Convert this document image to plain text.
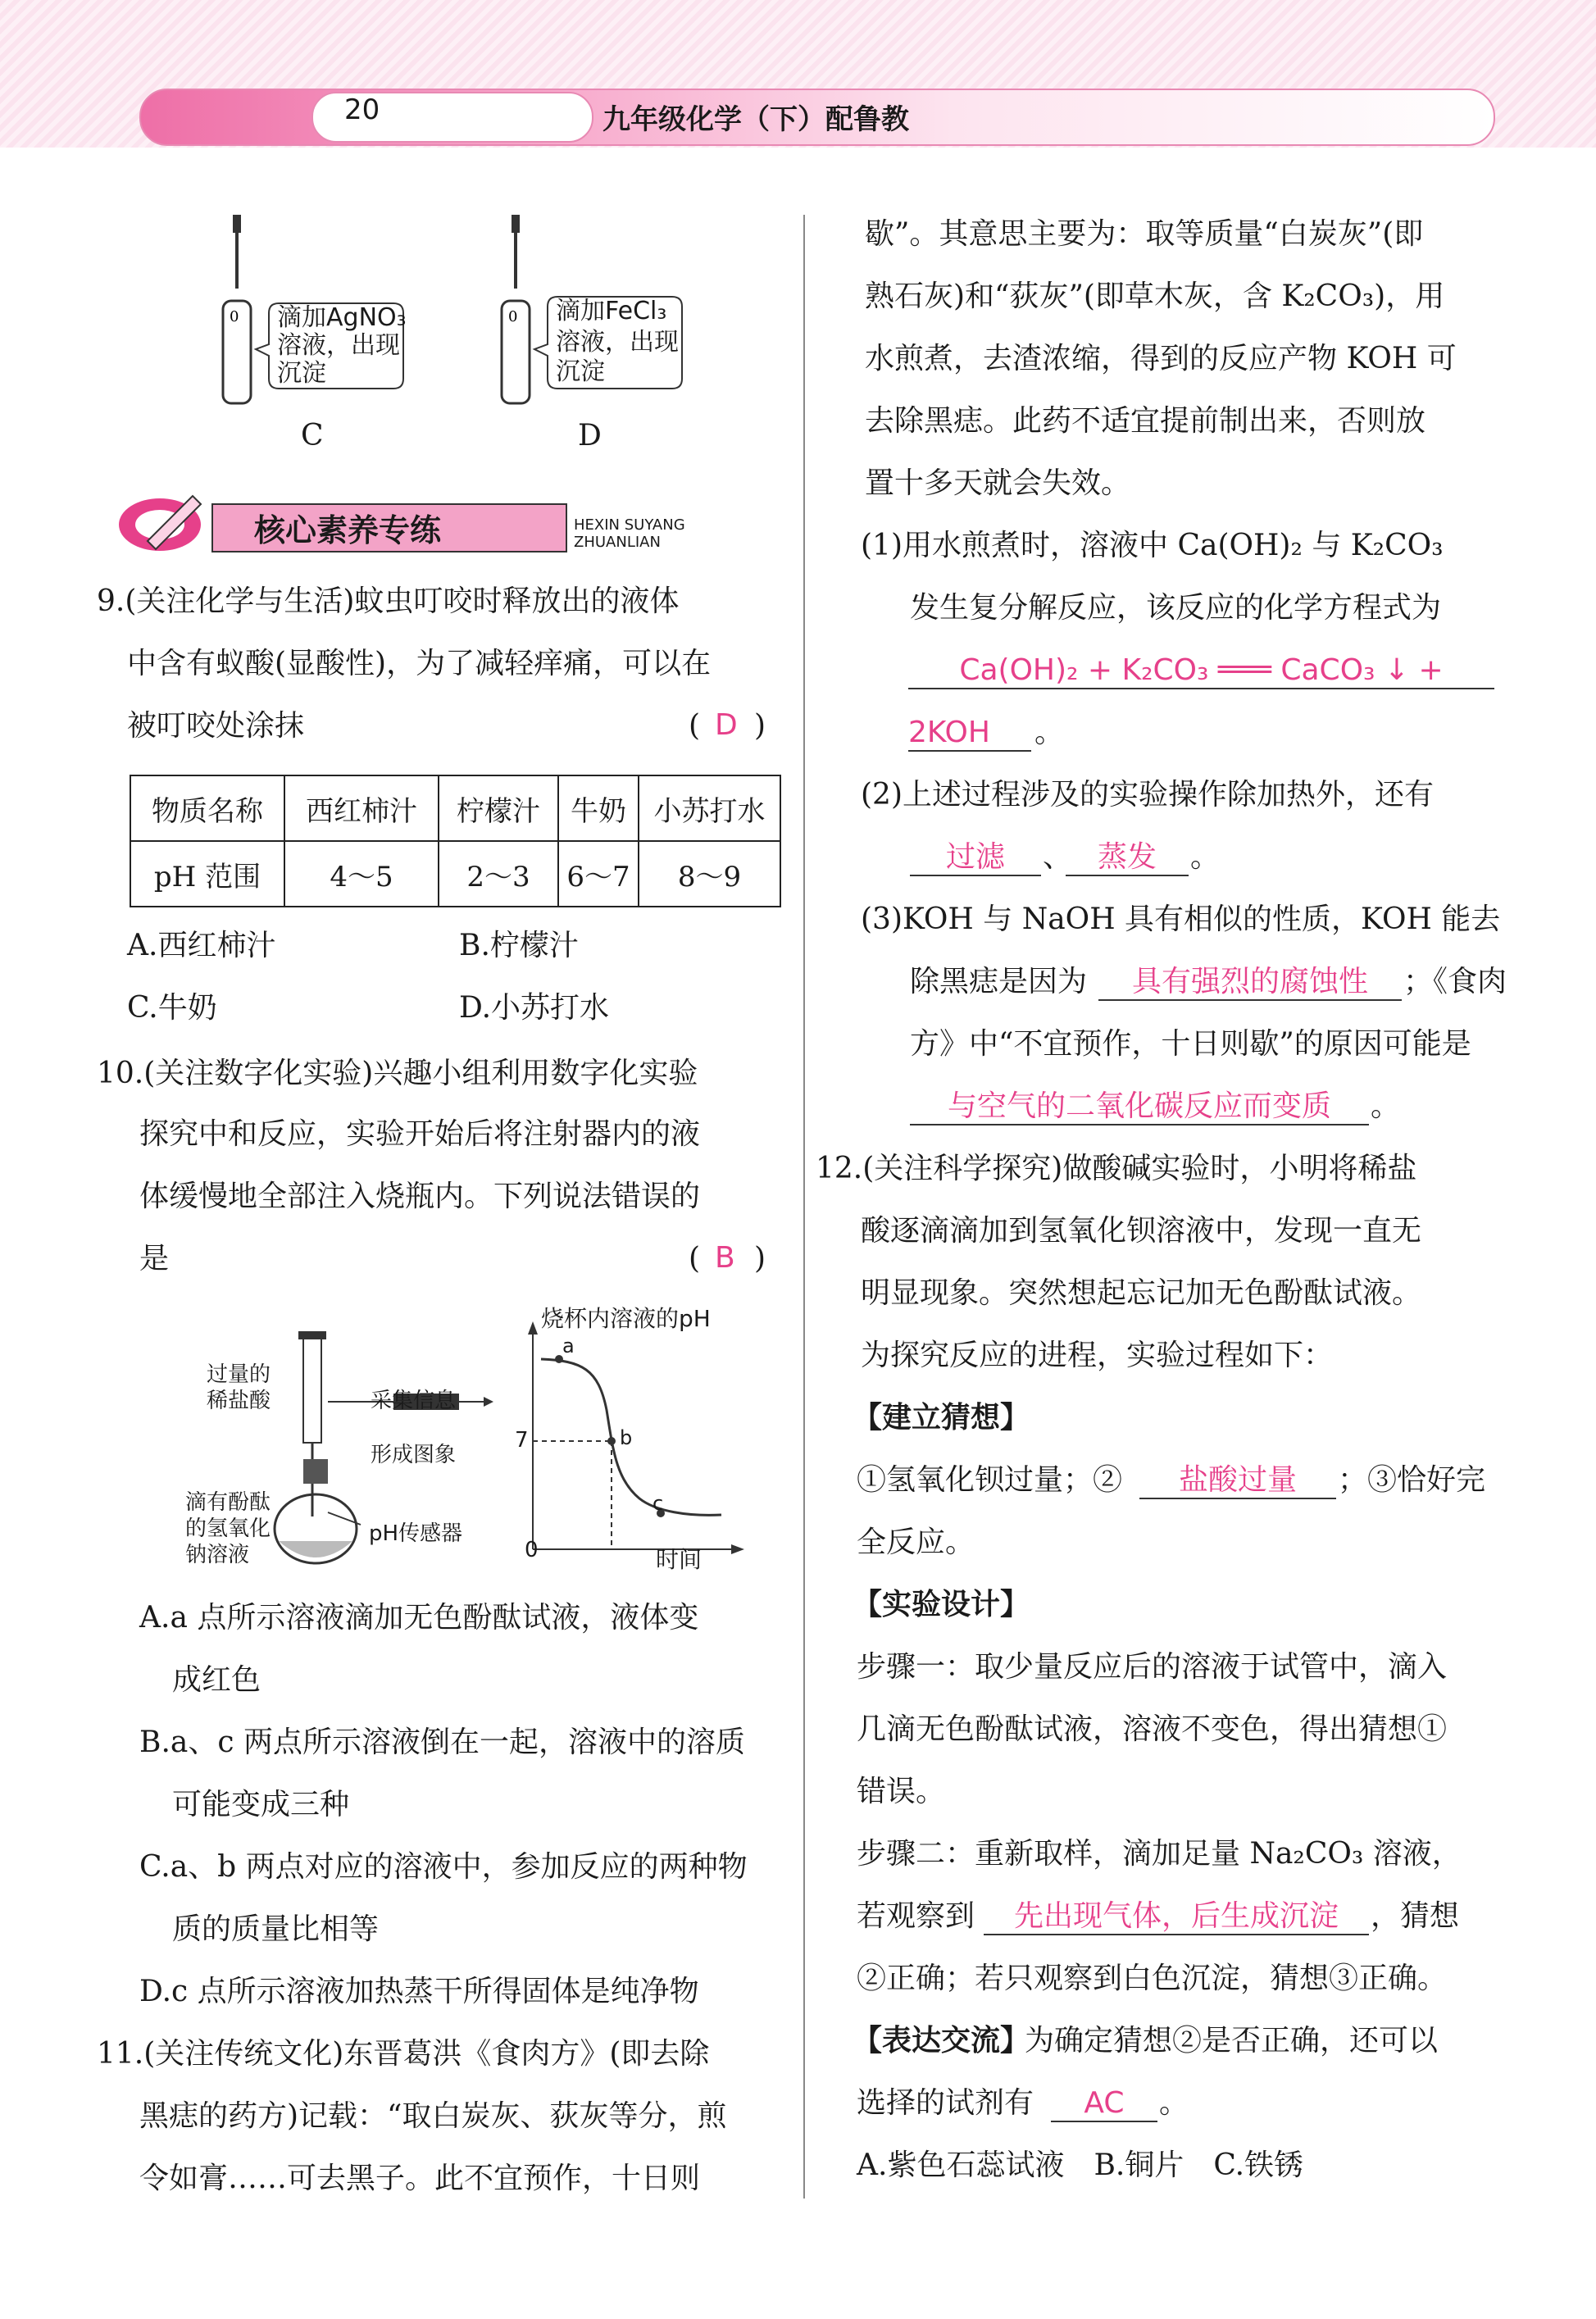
20	九年级化学（下）配鲁教
0 滴加AgNO₃
溶液，出现
沉淀
C
0 滴加FeCl₃
溶液，出现
沉淀
D
核心素养专练	HEXIN SUYANG ZHUANLIAN
9.(关注化学与生活)蚊虫叮咬时释放出的液体
中含有蚁酸(显酸性)，为了减轻痒痛，可以在
被叮咬处涂抹	( D )
物质名称	西红柿汁	柠檬汁	牛奶	小苏打水
pH 范围	4～5	2～3	6～7	8～9
A.西红柿汁	B.柠檬汁
C.牛奶	D.小苏打水
10.(关注数字化实验)兴趣小组利用数字化实验
探究中和反应，实验开始后将注射器内的液
体缓慢地全部注入烧瓶内。下列说法错误的
是	( B )
过量的
稀盐酸	采集信息
形成图象
滴有酚酞
的氢氧化
钠溶液
pH传感器
烧杯内溶液的pH
时间
0
7
a
b
c
A.a 点所示溶液滴加无色酚酞试液，液体变
成红色
B.a、c 两点所示溶液倒在一起，溶液中的溶质
可能变成三种
C.a、b 两点对应的溶液中，参加反应的两种物
质的质量比相等
D.c 点所示溶液加热蒸干所得固体是纯净物
11.(关注传统文化)东晋葛洪《食肉方》(即去除
黑痣的药方)记载：“取白炭灰、荻灰等分，煎
令如膏……可去黑子。此不宜预作，十日则
歇”。其意思主要为：取等质量“白炭灰”(即
熟石灰)和“荻灰”(即草木灰，含 K₂CO₃)，用
水煎煮，去渣浓缩，得到的反应产物 KOH 可
去除黑痣。此药不适宜提前制出来，否则放
置十多天就会失效。
(1)用水煎煮时，溶液中 Ca(OH)₂ 与 K₂CO₃
发生复分解反应，该反应的化学方程式为
Ca(OH)₂ + K₂CO₃ ═══ CaCO₃ ↓ +
2KOH	。
(2)上述过程涉及的实验操作除加热外，还有
过滤	、 蒸发	。
(3)KOH 与 NaOH 具有相似的性质，KOH 能去
除黑痣是因为	具有强烈的腐蚀性	；《食肉
方》中“不宜预作，十日则歇”的原因可能是
与空气的二氧化碳反应而变质	。
12.(关注科学探究)做酸碱实验时，小明将稀盐
酸逐滴滴加到氢氧化钡溶液中，发现一直无
明显现象。突然想起忘记加无色酚酞试液。
为探究反应的进程，实验过程如下：
【建立猜想】
①氢氧化钡过量；②	盐酸过量	；③恰好完
全反应。
【实验设计】
步骤一：取少量反应后的溶液于试管中，滴入
几滴无色酚酞试液，溶液不变色，得出猜想①
错误。
步骤二：重新取样，滴加足量 Na₂CO₃ 溶液，
若观察到	先出现气体，后生成沉淀	，猜想
②正确；若只观察到白色沉淀，猜想③正确。
【表达交流】
为确定猜想②是否正确，还可以
选择的试剂有	AC	。
A.紫色石蕊试液　B.铜片　C.铁锈
